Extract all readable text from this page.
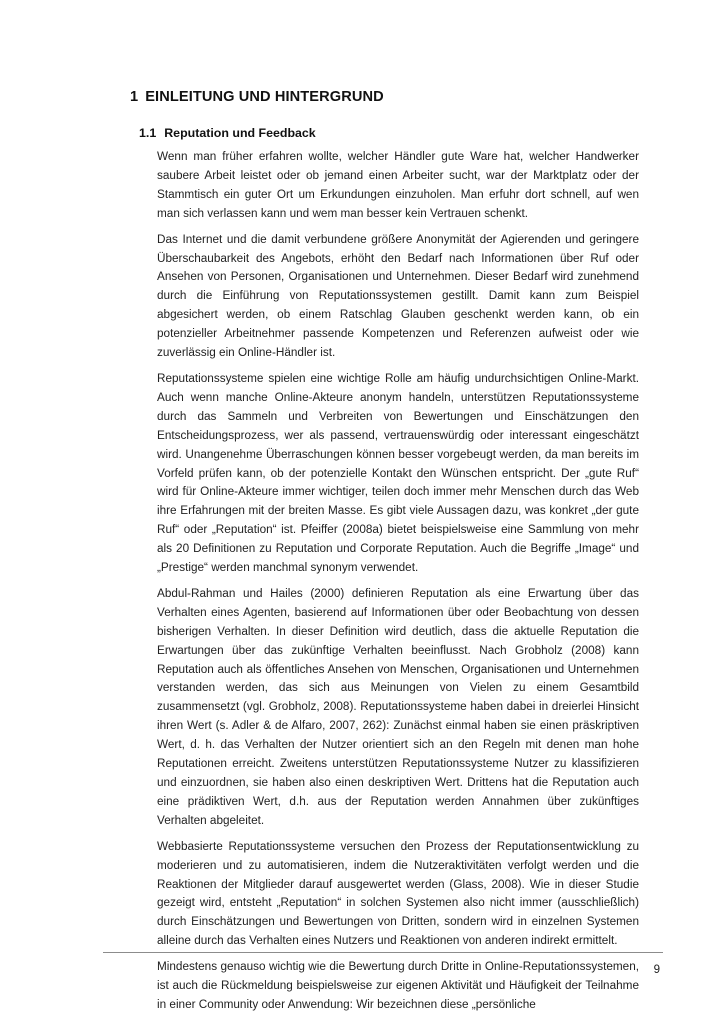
1 EINLEITUNG UND HINTERGRUND
1.1 Reputation und Feedback

Wenn man früher erfahren wollte, welcher Händler gute Ware hat, welcher Handwerker saubere Arbeit leistet oder ob jemand einen Arbeiter sucht, war der Marktplatz oder der Stammtisch ein guter Ort um Erkundungen einzuholen. Man erfuhr dort schnell, auf wen man sich verlassen kann und wem man besser kein Vertrauen schenkt.

Das Internet und die damit verbundene größere Anonymität der Agierenden und geringere Überschaubarkeit des Angebots, erhöht den Bedarf nach Informationen über Ruf oder Ansehen von Personen, Organisationen und Unternehmen. Dieser Bedarf wird zunehmend durch die Einführung von Reputationssystemen gestillt. Damit kann zum Beispiel abgesichert werden, ob einem Ratschlag Glauben geschenkt werden kann, ob ein potenzieller Arbeitnehmer passende Kompetenzen und Referenzen aufweist oder wie zuverlässig ein Online-Händler ist.

Reputationssysteme spielen eine wichtige Rolle am häufig undurchsichtigen Online-Markt. Auch wenn manche Online-Akteure anonym handeln, unterstützen Reputationssysteme durch das Sammeln und Verbreiten von Bewertungen und Einschätzungen den Entscheidungsprozess, wer als passend, vertrauenswürdig oder interessant eingeschätzt wird. Unangenehme Überraschungen können besser vorgebeugt werden, da man bereits im Vorfeld prüfen kann, ob der potenzielle Kontakt den Wünschen entspricht. Der „gute Ruf“ wird für Online-Akteure immer wichtiger, teilen doch immer mehr Menschen durch das Web ihre Erfahrungen mit der breiten Masse. Es gibt viele Aussagen dazu, was konkret „der gute Ruf“ oder „Reputation“ ist. Pfeiffer (2008a) bietet beispielsweise eine Sammlung von mehr als 20 Definitionen zu Reputation und Corporate Reputation. Auch die Begriffe „Image“ und „Prestige“ werden manchmal synonym verwendet.

Abdul-Rahman und Hailes (2000) definieren Reputation als eine Erwartung über das Verhalten eines Agenten, basierend auf Informationen über oder Beobachtung von dessen bisherigen Verhalten. In dieser Definition wird deutlich, dass die aktuelle Reputation die Erwartungen über das zukünftige Verhalten beeinflusst. Nach Grobholz (2008) kann Reputation auch als öffentliches Ansehen von Menschen, Organisationen und Unternehmen verstanden werden, das sich aus Meinungen von Vielen zu einem Gesamtbild zusammensetzt (vgl. Grobholz, 2008). Reputationssysteme haben dabei in dreierlei Hinsicht ihren Wert (s. Adler & de Alfaro, 2007, 262): Zunächst einmal haben sie einen präskriptiven Wert, d. h. das Verhalten der Nutzer orientiert sich an den Regeln mit denen man hohe Reputationen erreicht. Zweitens unterstützen Reputationssysteme Nutzer zu klassifizieren und einzuordnen, sie haben also einen deskriptiven Wert. Drittens hat die Reputation auch eine prädiktiven Wert, d.h. aus der Reputation werden Annahmen über zukünftiges Verhalten abgeleitet.

Webbasierte Reputationssysteme versuchen den Prozess der Reputationsentwicklung zu moderieren und zu automatisieren, indem die Nutzeraktivitäten verfolgt werden und die Reaktionen der Mitglieder darauf ausgewertet werden (Glass, 2008). Wie in dieser Studie gezeigt wird, entsteht „Reputation“ in solchen Systemen also nicht immer (ausschließlich) durch Einschätzungen und Bewertungen von Dritten, sondern wird in einzelnen Systemen alleine durch das Verhalten eines Nutzers und Reaktionen von anderen indirekt ermittelt.

Mindestens genauso wichtig wie die Bewertung durch Dritte in Online-Reputationssystemen, ist auch die Rückmeldung beispielsweise zur eigenen Aktivität und Häufigkeit der Teilnahme in einer Community oder Anwendung: Wir bezeichnen diese „persönliche

9
